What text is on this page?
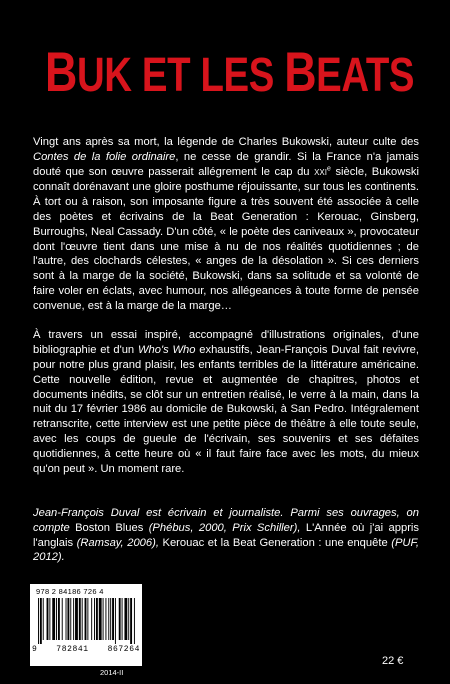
BUK ET LES BEATS

Vingt ans après sa mort, la légende de Charles Bukowski, auteur culte des Contes de la folie ordinaire, ne cesse de grandir. Si la France n'a jamais douté que son œuvre passerait allégrement le cap du XXIe siècle, Bukowski connaît dorénavant une gloire posthume réjouissante, sur tous les continents. À tort ou à raison, son imposante figure a très souvent été associée à celle des poètes et écrivains de la Beat Generation : Kerouac, Ginsberg, Burroughs, Neal Cassady. D'un côté, « le poète des caniveaux », provocateur dont l'œuvre tient dans une mise à nu de nos réalités quotidiennes ; de l'autre, des clochards célestes, « anges de la désolation ». Si ces derniers sont à la marge de la société, Bukowski, dans sa solitude et sa volonté de faire voler en éclats, avec humour, nos allégeances à toute forme de pensée convenue, est à la marge de la marge…

À travers un essai inspiré, accompagné d'illustrations originales, d'une bibliographie et d'un Who's Who exhaustifs, Jean-François Duval fait revivre, pour notre plus grand plaisir, les enfants terribles de la littérature américaine. Cette nouvelle édition, revue et augmentée de chapitres, photos et documents inédits, se clôt sur un entretien réalisé, le verre à la main, dans la nuit du 17 février 1986 au domicile de Bukowski, à San Pedro. Intégralement retranscrite, cette interview est une petite pièce de théâtre à elle toute seule, avec les coups de gueule de l'écrivain, ses souvenirs et ses défaites quotidiennes, à cette heure où « il faut faire face avec les mots, du mieux qu'on peut ». Un moment rare.

Jean-François Duval est écrivain et journaliste. Parmi ses ouvrages, on compte Boston Blues (Phébus, 2000, Prix Schiller), L'Année où j'ai appris l'anglais (Ramsay, 2006), Kerouac et la Beat Generation : une enquête (PUF, 2012).
978 2 84186 726 4
9 782841 867264
2014-II
22 €
